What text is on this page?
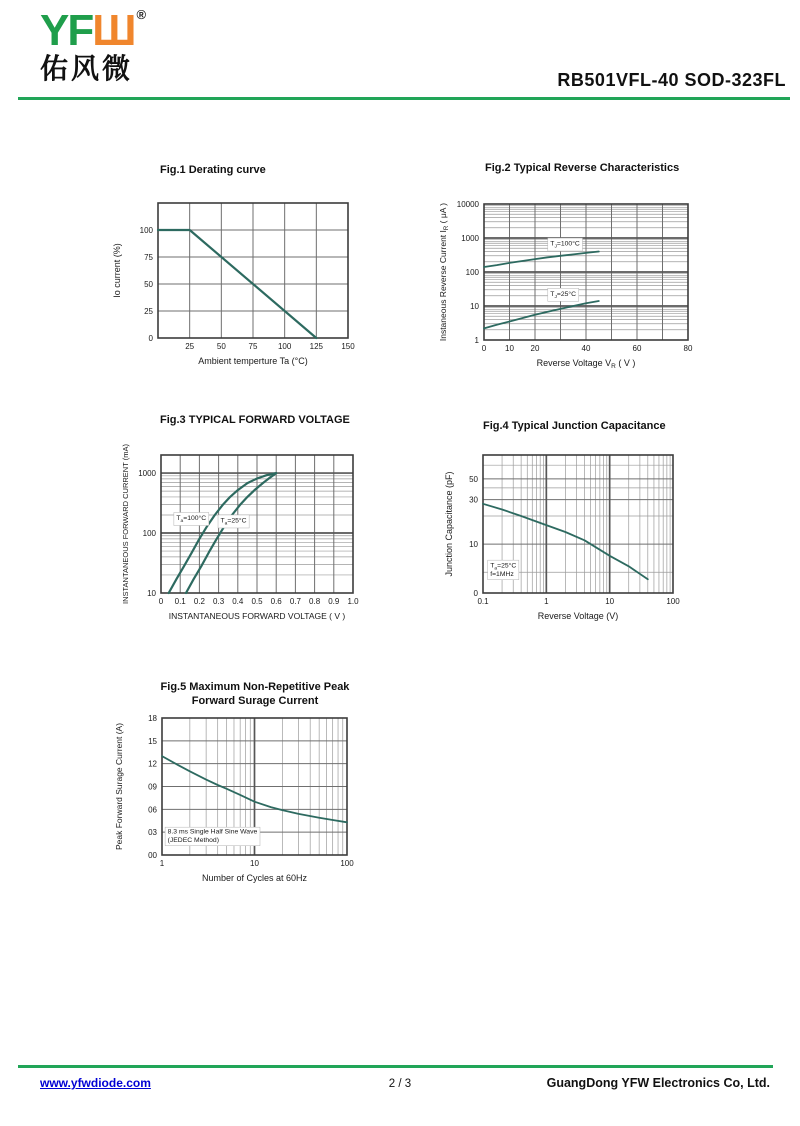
YFШ ®
佑风微	RB501VFL-40 SOD-323FL
Fig.1 Derating curve
25	50	75	100 125 150
0
25
50
75
100
Ambient temperture Ta (°C)
Io current (%)
Fig.2 Typical Reverse Characteristics
0 10 20	40	60	80
1
10
100
1000
10000
Reverse Voltage $V_R$ ( V )
Instaneous Reverse Current $I_R$ ( μA )
$T_J=100^\circ C$
$T_J=25^\circ C$
Fig.3 TYPICAL FORWARD VOLTAGE
0 0.1 0.2 0.3 0.4 0.5 0.6 0.7 0.8 0.9 1.0
10
100
1000
INSTANTANEOUS FORWARD VOLTAGE ( V )
INSTANTANEOUS FORWARD CURRENT (mA)	$T_a=100^\circ C$ $T_a=25^\circ C$
Fig.4 Typical Junction Capacitance
0.1	1	10	100
0
10
30
50
Reverse Voltage (V)
Junction Capacitance (pF)	$T_a=25^\circ C$
f=1MHz
Fig.5 Maximum Non-Repetitive Peak
Forward Surage Current
1	10	100
00
03
06
09
12
15
18
Number of Cycles at 60Hz
Peak Forward Surage Current (A)	8.3 ms Single Half Sine Wave
(JEDEC Method)
www.yfwdiode.com	2 / 3	GuangDong YFW Electronics Co, Ltd.
